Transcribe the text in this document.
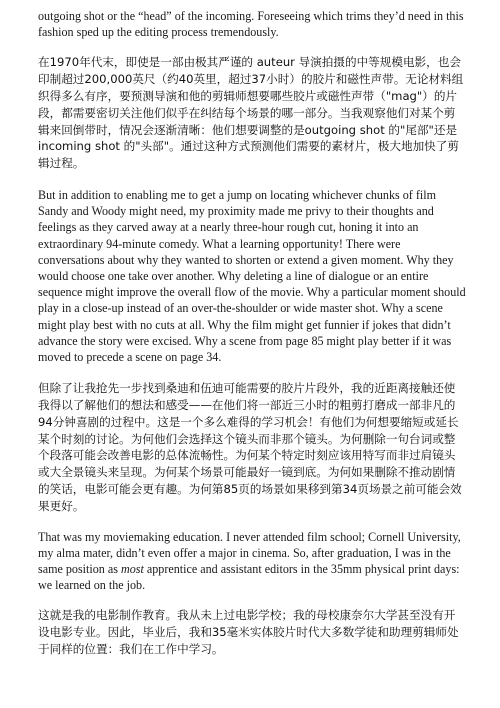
outgoing shot or the “head” of the incoming. Foreseeing which trims they’d need in this fashion sped up the editing process tremendously.

在1970年代末，即使是一部由极其严谨的 auteur 导演拍摄的中等规模电影，也会印制超过200,000英尺（约40英里，超过37小时）的胶片和磁性声带。无论材料组织得多么有序，要预测导演和他的剪辑师想要哪些胶片或磁性声带（"mag"）的片段，都需要密切关注他们似乎在纠结每个场景的哪一部分。当我观察他们对某个剪辑来回倒带时，情况会逐渐清晰：他们想要调整的是outgoing shot 的"尾部"还是 incoming shot 的"头部"。通过这种方式预测他们需要的素材片，极大地加快了剪辑过程。

But in addition to enabling me to get a jump on locating whichever chunks of film Sandy and Woody might need, my proximity made me privy to their thoughts and feelings as they carved away at a nearly three-hour rough cut, honing it into an extraordinary 94-minute comedy. What a learning opportunity! There were conversations about why they wanted to shorten or extend a given moment. Why they would choose one take over another. Why deleting a line of dialogue or an entire sequence might improve the overall flow of the movie. Why a particular moment should play in a close-up instead of an over-the-shoulder or wide master shot. Why a scene might play best with no cuts at all. Why the film might get funnier if jokes that didn’t advance the story were excised. Why a scene from page 85 might play better if it was moved to precede a scene on page 34.

但除了让我抢先一步找到桑迪和伍迪可能需要的胶片片段外，我的近距离接触还使我得以了解他们的想法和感受——在他们将一部近三小时的粗剪打磨成一部非凡的94分钟喜剧的过程中。这是一个多么难得的学习机会！有他们为何想要缩短或延长某个时刻的讨论。为何他们会选择这个镜头而非那个镜头。为何删除一句台词或整个段落可能会改善电影的总体流畅性。为何某个特定时刻应该用特写而非过肩镜头或大全景镜头来呈现。为何某个场景可能最好一镜到底。为何如果删除不推动剧情的笑话，电影可能会更有趣。为何第85页的场景如果移到第34页场景之前可能会效果更好。

That was my moviemaking education. I never attended film school; Cornell University, my alma mater, didn’t even offer a major in cinema. So, after graduation, I was in the same position as most apprentice and assistant editors in the 35mm physical print days: we learned on the job.

这就是我的电影制作教育。我从未上过电影学校；我的母校康奈尔大学甚至没有开设电影专业。因此，毕业后，我和35毫米实体胶片时代大多数学徒和助理剪辑师处于同样的位置：我们在工作中学习。
